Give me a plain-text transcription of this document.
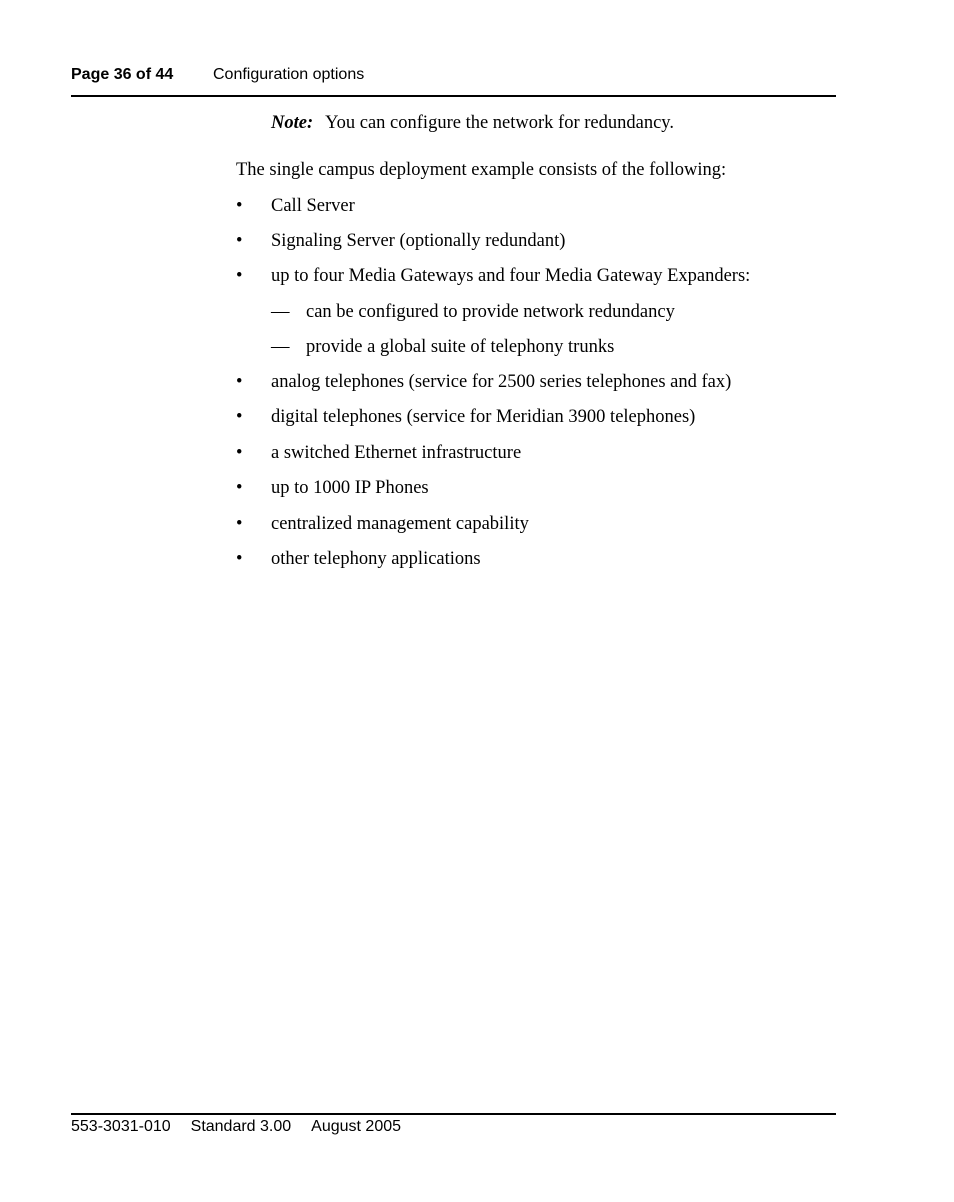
Page 36 of 44 Configuration options
Note: You can configure the network for redundancy.
The single campus deployment example consists of the following:
• Call Server
• Signaling Server (optionally redundant)
• up to four Media Gateways and four Media Gateway Expanders:
— can be configured to provide network redundancy
— provide a global suite of telephony trunks
• analog telephones (service for 2500 series telephones and fax)
• digital telephones (service for Meridian 3900 telephones)
• a switched Ethernet infrastructure
• up to 1000 IP Phones
• centralized management capability
• other telephony applications
553-3031-010 Standard 3.00 August 2005
